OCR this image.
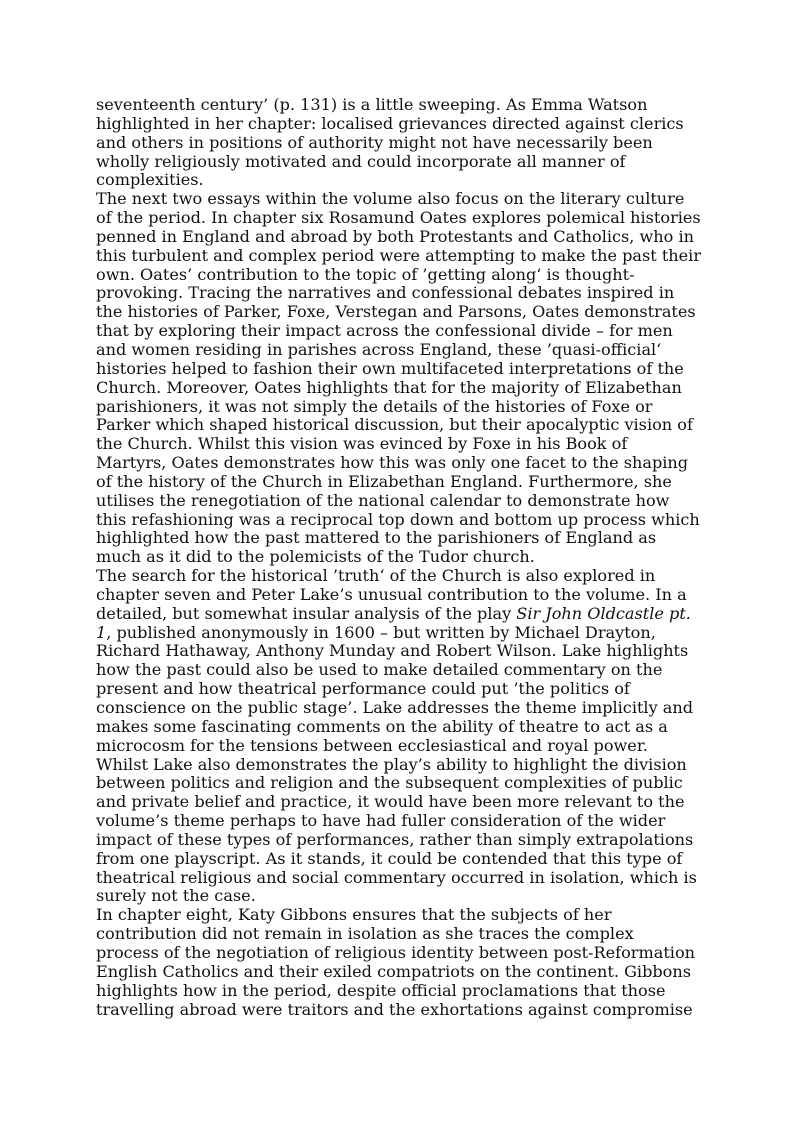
seventeenth century’ (p. 131) is a little sweeping. As Emma Watson
highlighted in her chapter: localised grievances directed against clerics
and others in positions of authority might not have necessarily been
wholly religiously motivated and could incorporate all manner of
complexities.

The next two essays within the volume also focus on the literary culture
of the period. In chapter six Rosamund Oates explores polemical histories
penned in England and abroad by both Protestants and Catholics, who in
this turbulent and complex period were attempting to make the past their
own. Oates’ contribution to the topic of ’getting along‘ is thought-
provoking. Tracing the narratives and confessional debates inspired in
the histories of Parker, Foxe, Verstegan and Parsons, Oates demonstrates
that by exploring their impact across the confessional divide – for men
and women residing in parishes across England, these ’quasi-official‘
histories helped to fashion their own multifaceted interpretations of the
Church. Moreover, Oates highlights that for the majority of Elizabethan
parishioners, it was not simply the details of the histories of Foxe or
Parker which shaped historical discussion, but their apocalyptic vision of
the Church. Whilst this vision was evinced by Foxe in his Book of
Martyrs, Oates demonstrates how this was only one facet to the shaping
of the history of the Church in Elizabethan England. Furthermore, she
utilises the renegotiation of the national calendar to demonstrate how
this refashioning was a reciprocal top down and bottom up process which
highlighted how the past mattered to the parishioners of England as
much as it did to the polemicists of the Tudor church.

The search for the historical ’truth‘ of the Church is also explored in
chapter seven and Peter Lake’s unusual contribution to the volume. In a
detailed, but somewhat insular analysis of the play Sir John Oldcastle pt.
1, published anonymously in 1600 – but written by Michael Drayton,
Richard Hathaway, Anthony Munday and Robert Wilson. Lake highlights
how the past could also be used to make detailed commentary on the
present and how theatrical performance could put ’the politics of
conscience on the public stage’. Lake addresses the theme implicitly and
makes some fascinating comments on the ability of theatre to act as a
microcosm for the tensions between ecclesiastical and royal power.
Whilst Lake also demonstrates the play’s ability to highlight the division
between politics and religion and the subsequent complexities of public
and private belief and practice, it would have been more relevant to the
volume’s theme perhaps to have had fuller consideration of the wider
impact of these types of performances, rather than simply extrapolations
from one playscript. As it stands, it could be contended that this type of
theatrical religious and social commentary occurred in isolation, which is
surely not the case.

In chapter eight, Katy Gibbons ensures that the subjects of her
contribution did not remain in isolation as she traces the complex
process of the negotiation of religious identity between post-Reformation
English Catholics and their exiled compatriots on the continent. Gibbons
highlights how in the period, despite official proclamations that those
travelling abroad were traitors and the exhortations against compromise
